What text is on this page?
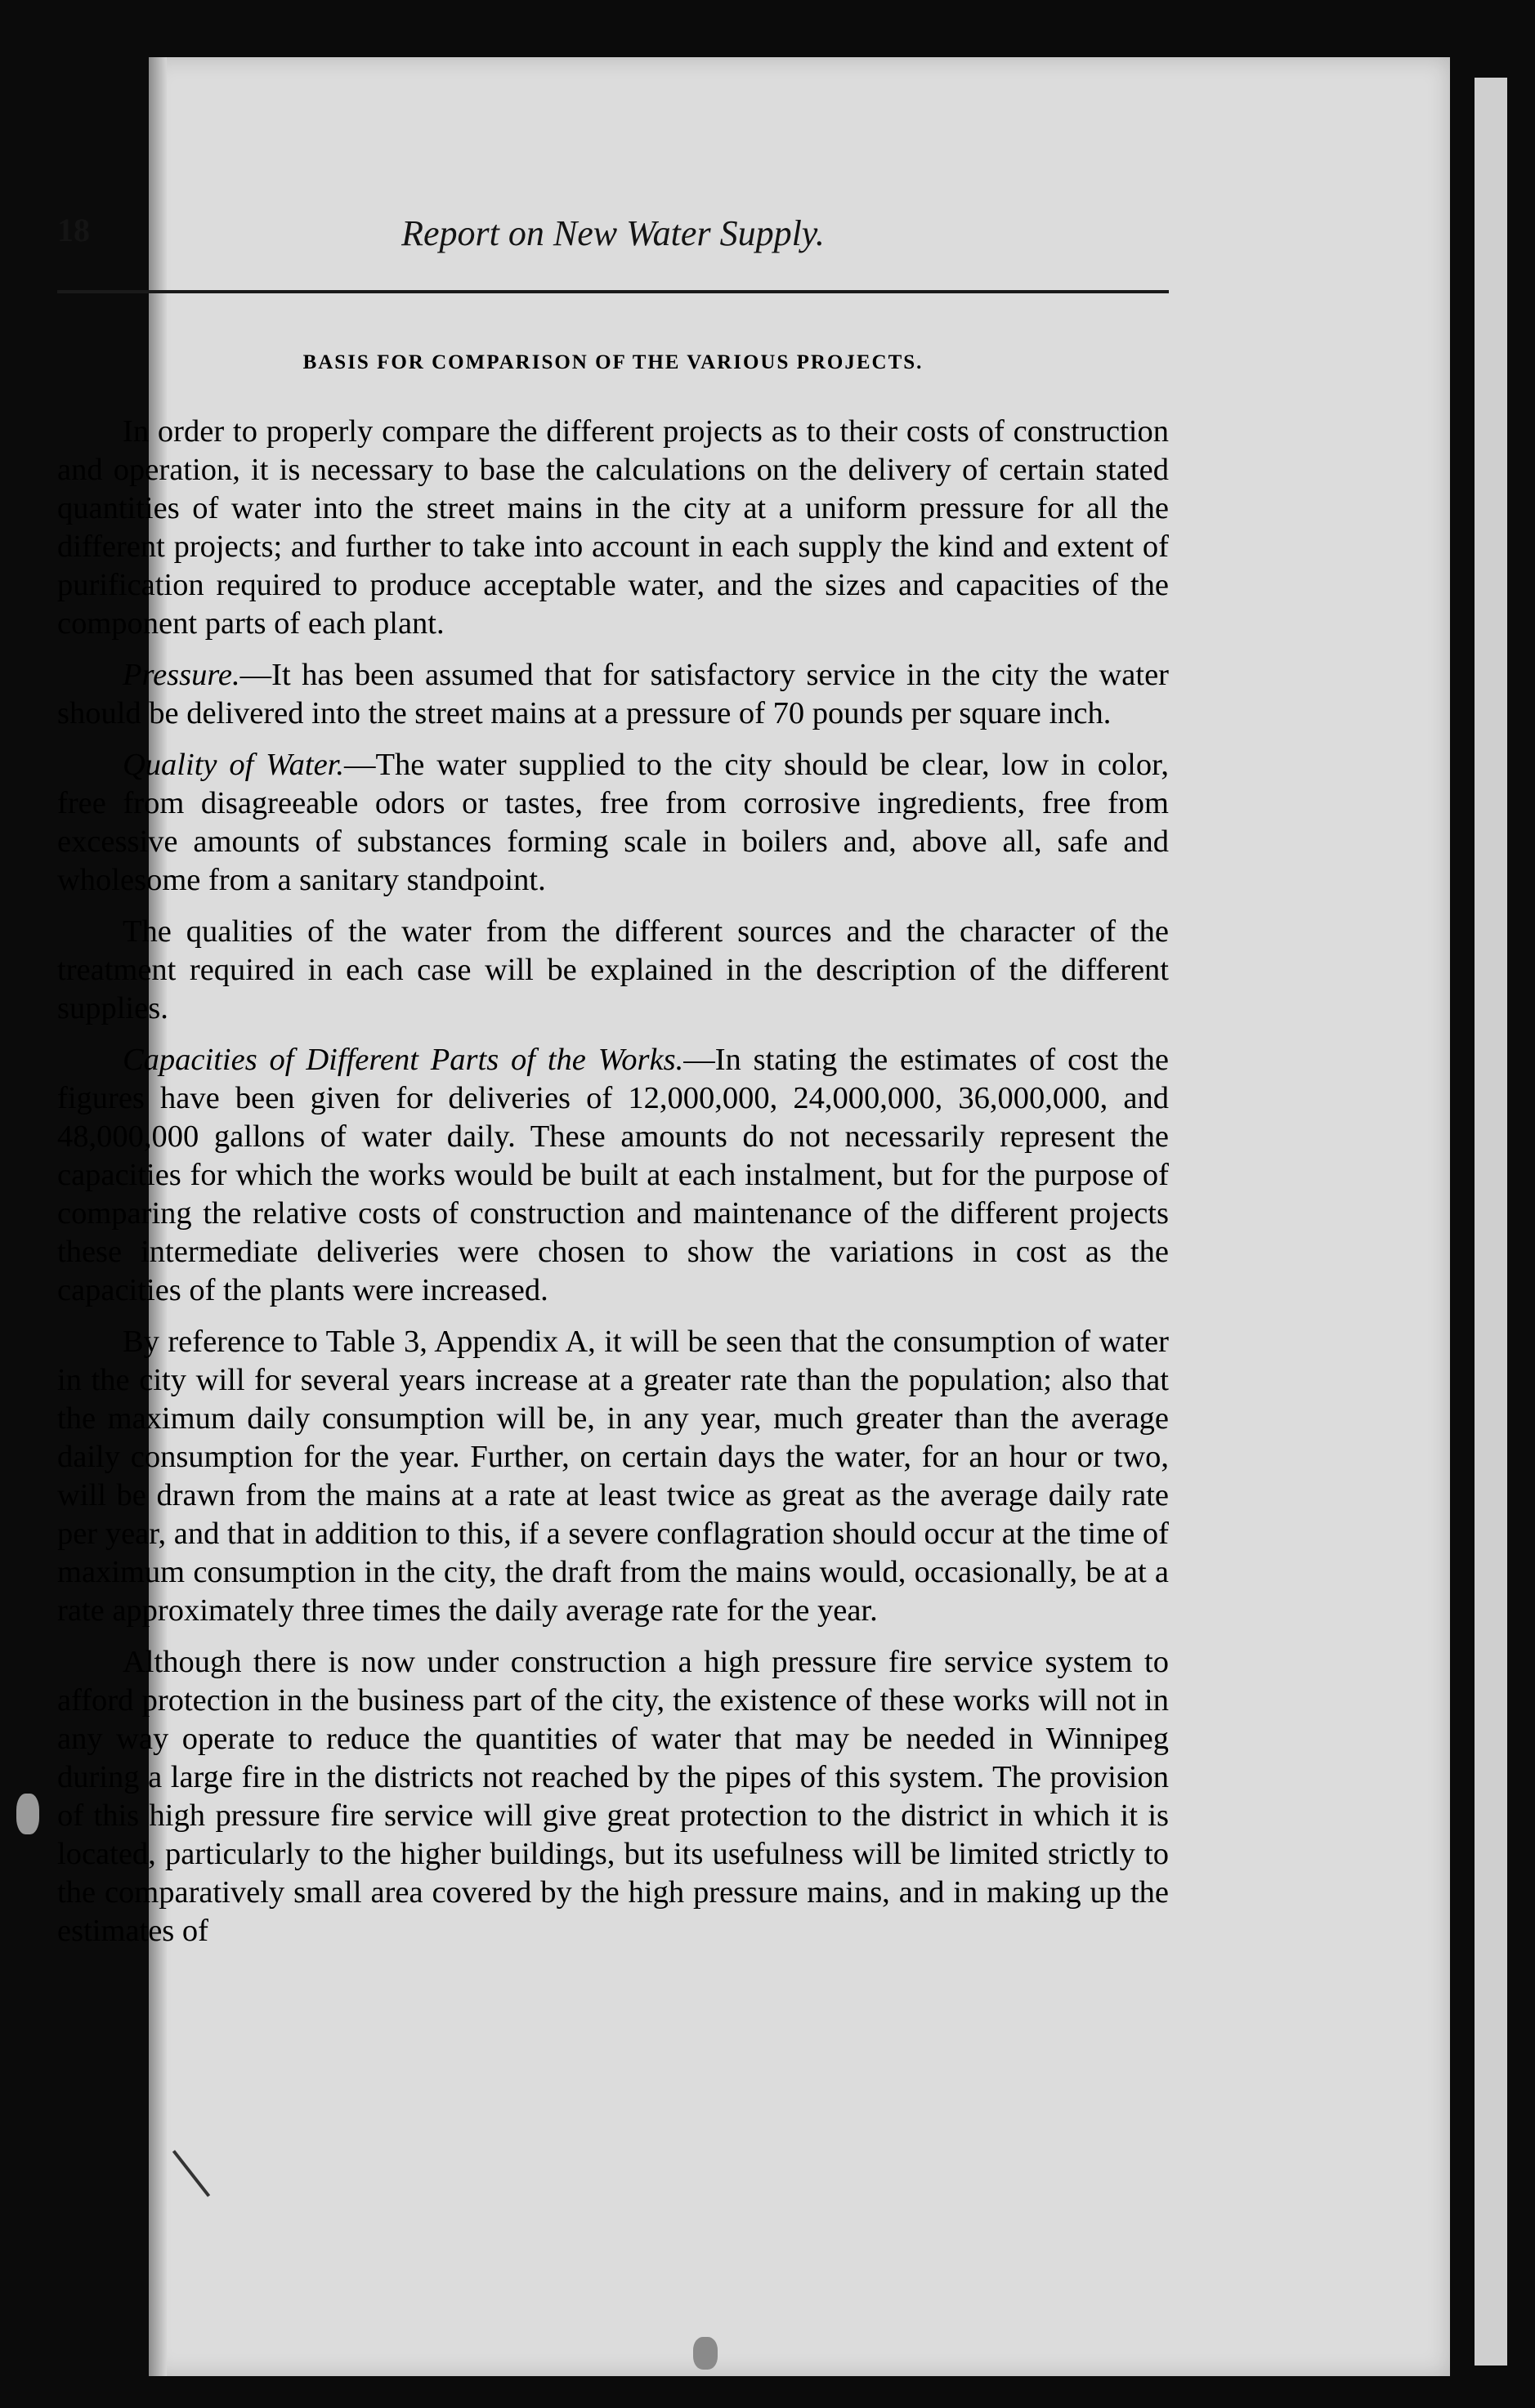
18	Report on New Water Supply.
BASIS FOR COMPARISON OF THE VARIOUS PROJECTS.

In order to properly compare the different projects as to their costs of construction and operation, it is necessary to base the calculations on the delivery of certain stated quantities of water into the street mains in the city at a uniform pressure for all the different projects; and further to take into account in each supply the kind and extent of purification required to produce acceptable water, and the sizes and capacities of the component parts of each plant.

Pressure.—It has been assumed that for satisfactory service in the city the water should be delivered into the street mains at a pressure of 70 pounds per square inch.

Quality of Water.—The water supplied to the city should be clear, low in color, free from disagreeable odors or tastes, free from corrosive ingredients, free from excessive amounts of substances forming scale in boilers and, above all, safe and wholesome from a sanitary standpoint.

The qualities of the water from the different sources and the character of the treatment required in each case will be explained in the description of the different supplies.

Capacities of Different Parts of the Works.—In stating the estimates of cost the figures have been given for deliveries of 12,000,000, 24,000,000, 36,000,000, and 48,000,000 gallons of water daily. These amounts do not necessarily represent the capacities for which the works would be built at each instalment, but for the purpose of comparing the relative costs of construction and maintenance of the different projects these intermediate deliveries were chosen to show the variations in cost as the capacities of the plants were increased.

By reference to Table 3, Appendix A, it will be seen that the consumption of water in the city will for several years increase at a greater rate than the population; also that the maximum daily consumption will be, in any year, much greater than the average daily consumption for the year. Further, on certain days the water, for an hour or two, will be drawn from the mains at a rate at least twice as great as the average daily rate per year, and that in addition to this, if a severe conflagration should occur at the time of maximum consumption in the city, the draft from the mains would, occasionally, be at a rate approximately three times the daily average rate for the year.

Although there is now under construction a high pressure fire service system to afford protection in the business part of the city, the existence of these works will not in any way operate to reduce the quantities of water that may be needed in Winnipeg during a large fire in the districts not reached by the pipes of this system. The provision of this high pressure fire service will give great protection to the district in which it is located, particularly to the higher buildings, but its usefulness will be limited strictly to the comparatively small area covered by the high pressure mains, and in making up the estimates of
